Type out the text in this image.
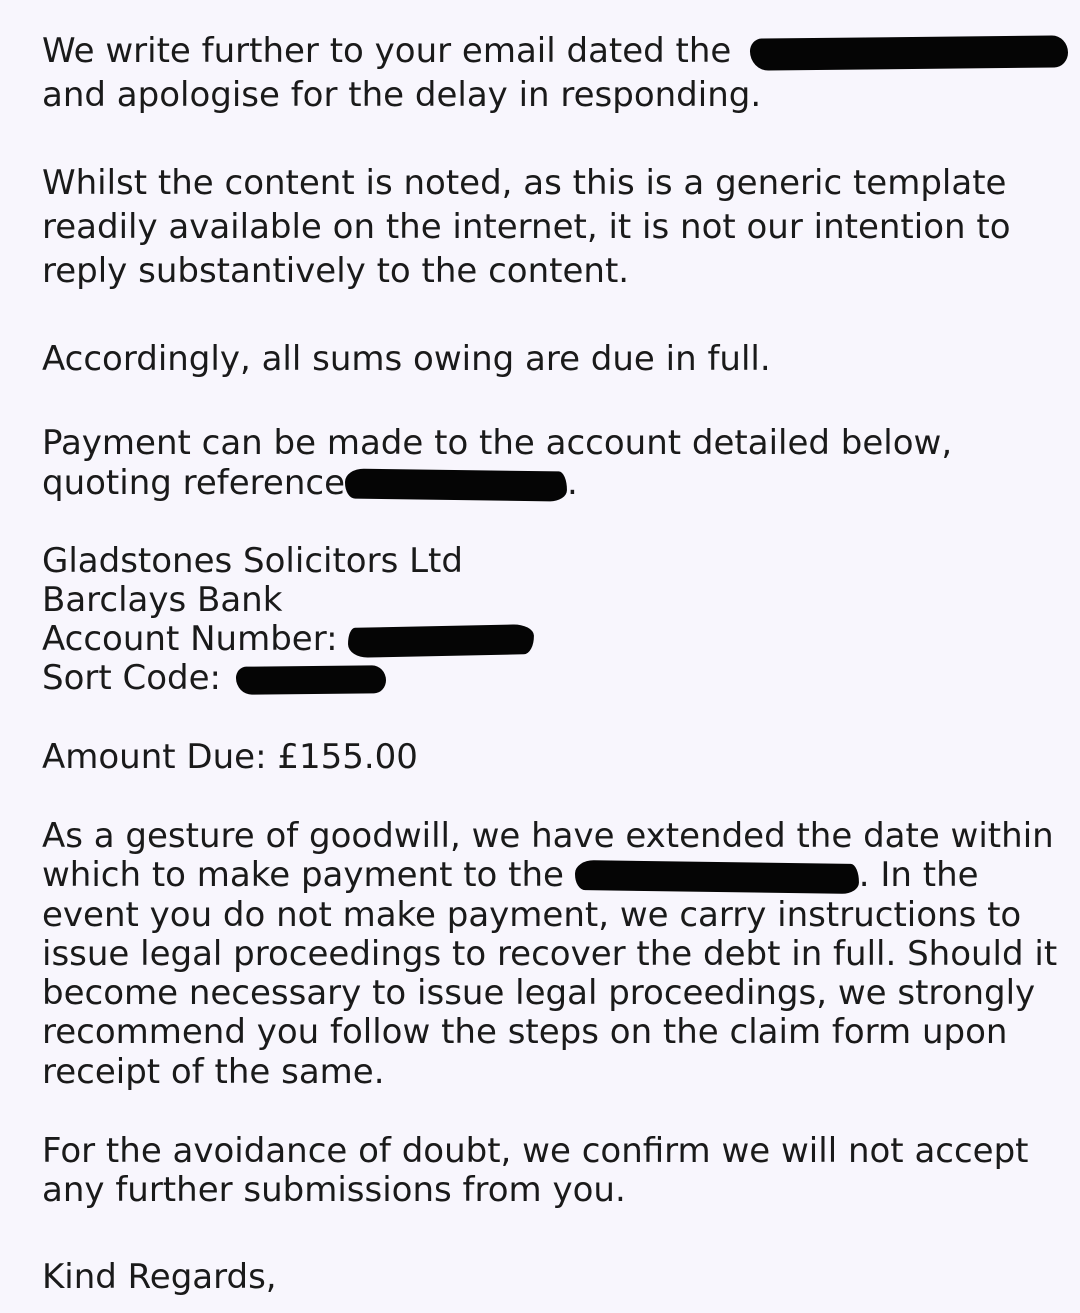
We write further to your email dated the
and apologise for the delay in responding.
Whilst the content is noted, as this is a generic template
readily available on the internet, it is not our intention to
reply substantively to the content.
Accordingly, all sums owing are due in full.
Payment can be made to the account detailed below,
quoting reference	.
Gladstones Solicitors Ltd
Barclays Bank
Account Number:
Sort Code:
Amount Due: £155.00
As a gesture of goodwill, we have extended the date within
which to make payment to the	. In the
event you do not make payment, we carry instructions to
issue legal proceedings to recover the debt in full. Should it
become necessary to issue legal proceedings, we strongly
recommend you follow the steps on the claim form upon
receipt of the same.
For the avoidance of doubt, we confirm we will not accept
any further submissions from you.
Kind Regards,
